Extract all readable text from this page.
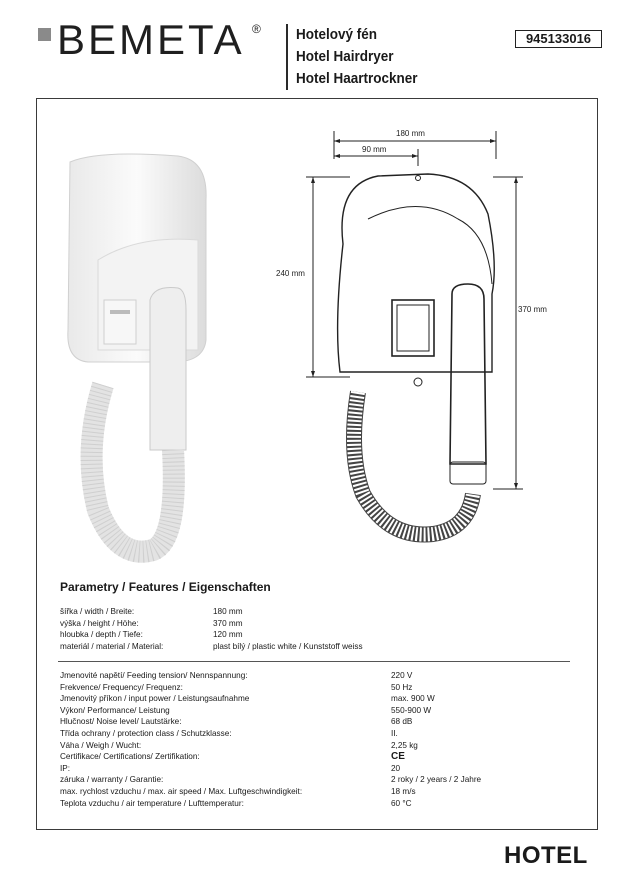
BEMETA ® Hotelový fén
Hotel Hairdryer
Hotel Haartrockner
945133016
180 mm
90 mm
240 mm
370 mm
Parametry / Features / Eigenschaften
šířka / width / Breite:	180 mm
výška / height / Höhe:	370 mm
hloubka / depth / Tiefe:	120 mm
materiál / material / Material:	plast bílý / plastic white / Kunststoff weiss
Jmenovité napětí/ Feeding tension/ Nennspannung:	220 V
Frekvence/ Frequency/ Frequenz:	50 Hz
Jmenovitý příkon / input power / Leistungsaufnahme	max. 900 W
Výkon/ Performance/ Leistung	550-900 W
Hlučnost/ Noise level/ Lautstärke:	68 dB
Třída ochrany / protection class / Schutzklasse:	II.
Váha / Weigh / Wucht:	2,25 kg
Certifikace/ Certifications/ Zertifikation:	CE
IP:	20
záruka / warranty / Garantie:	2 roky / 2 years / 2 Jahre
max. rychlost vzduchu / max. air speed / Max. Luftgeschwindigkeit:	18 m/s
Teplota vzduchu / air temperature / Lufttemperatur:	60 °C
HOTEL
